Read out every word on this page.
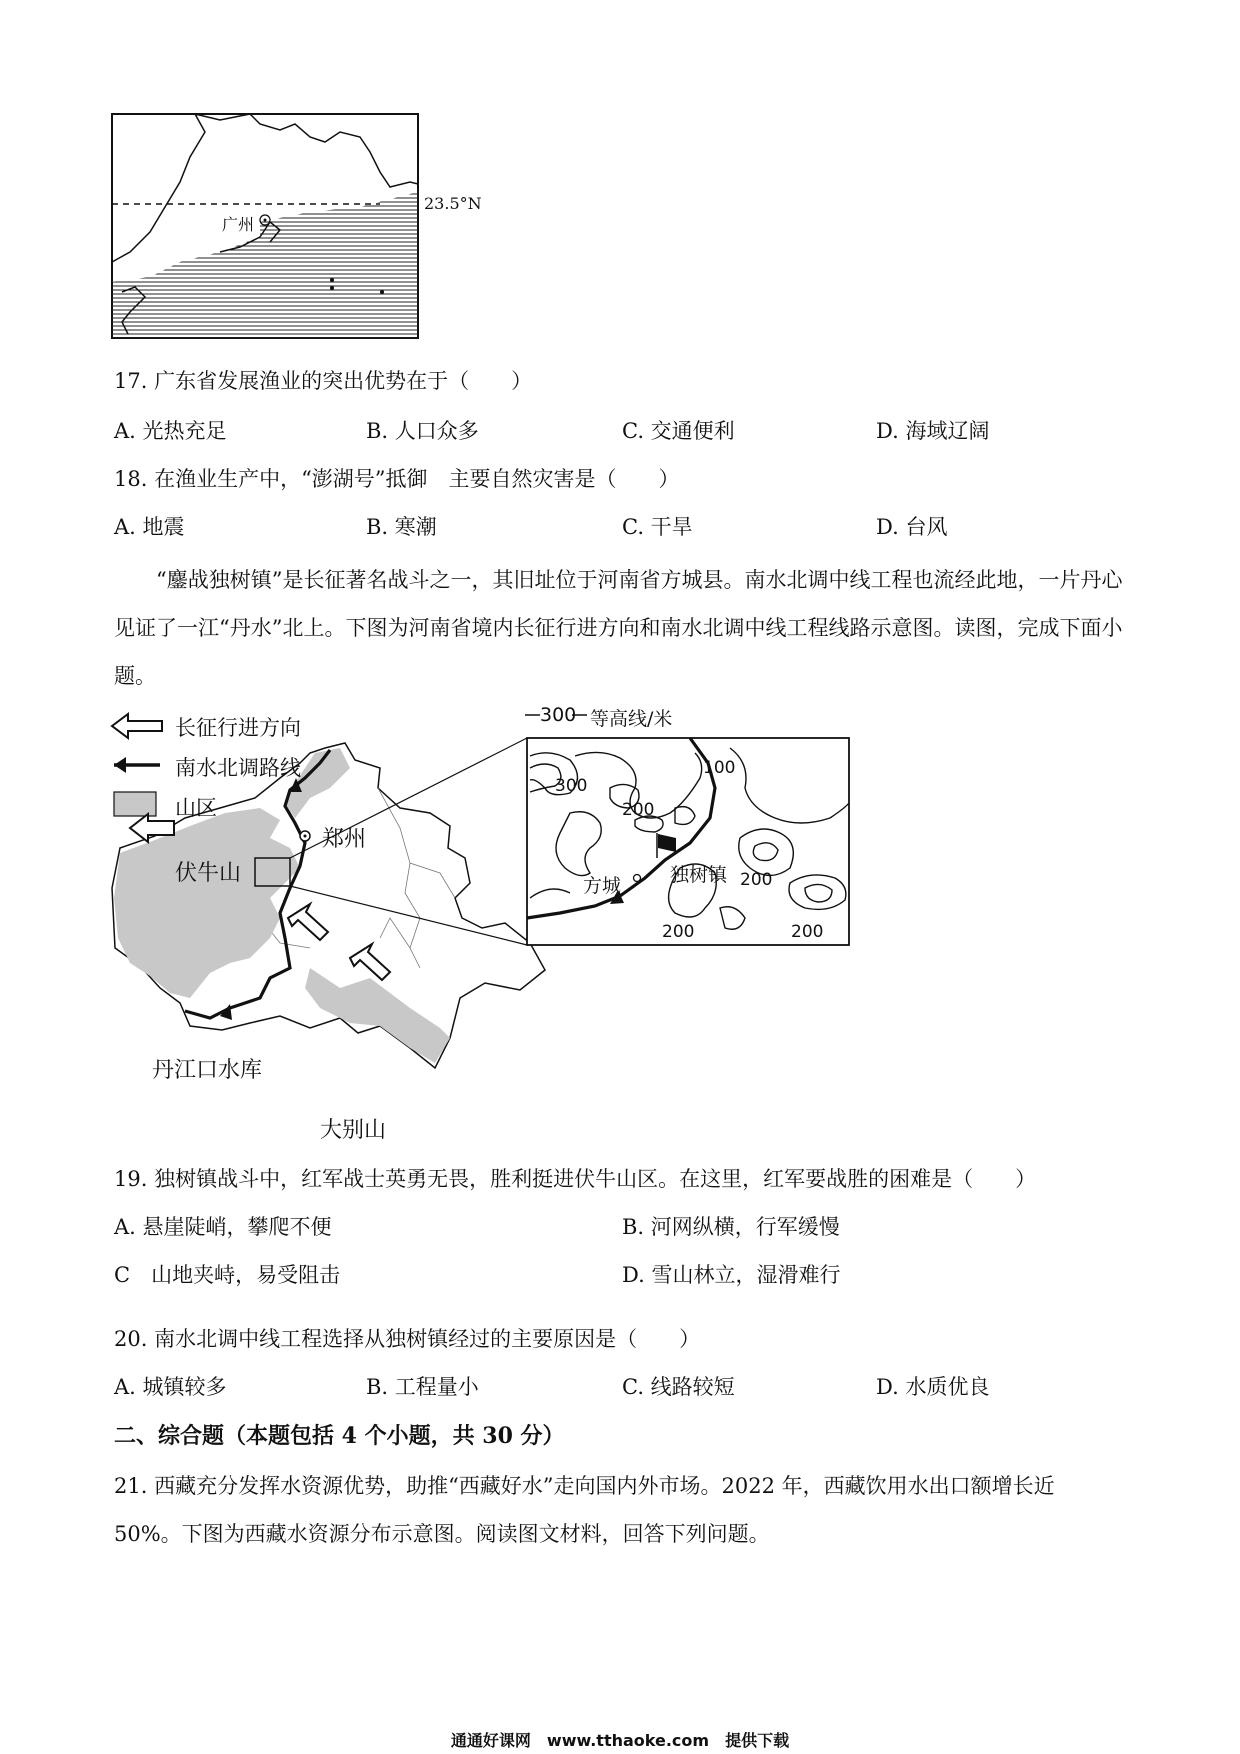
23.5°N
广州
17. 广东省发展渔业的突出优势在于（　　）
A. 光热充足	B. 人口众多	C. 交通便利	D. 海域辽阔
18. 在渔业生产中，“澎湖号”抵御　主要自然灾害是（　　）
A. 地震	B. 寒潮	C. 干旱	D. 台风
“鏖战独树镇”是长征著名战斗之一，其旧址位于河南省方城县。南水北调中线工程也流经此地，一片丹心见证了一江“丹水”北上。下图为河南省境内长征行进方向和南水北调中线工程线路示意图。读图，完成下面小题。
长征行进方向
南水北调路线
山区
300 等高线/米
郑州
伏牛山
丹江口水库
大别山
300
200
100
200
200	200
方城	独树镇
19. 独树镇战斗中，红军战士英勇无畏，胜利挺进伏牛山区。在这里，红军要战胜的困难是（　　）
A. 悬崖陡峭，攀爬不便	B. 河网纵横，行军缓慢
C　山地夹峙，易受阻击	D. 雪山林立，湿滑难行
20. 南水北调中线工程选择从独树镇经过的主要原因是（　　）
A. 城镇较多	B. 工程量小	C. 线路较短	D. 水质优良
二、综合题（本题包括 4 个小题，共 30 分）
21. 西藏充分发挥水资源优势，助推“西藏好水”走向国内外市场。2022 年，西藏饮用水出口额增长近
50%。下图为西藏水资源分布示意图。阅读图文材料，回答下列问题。
通通好课网　www.tthaoke.com　提供下载
